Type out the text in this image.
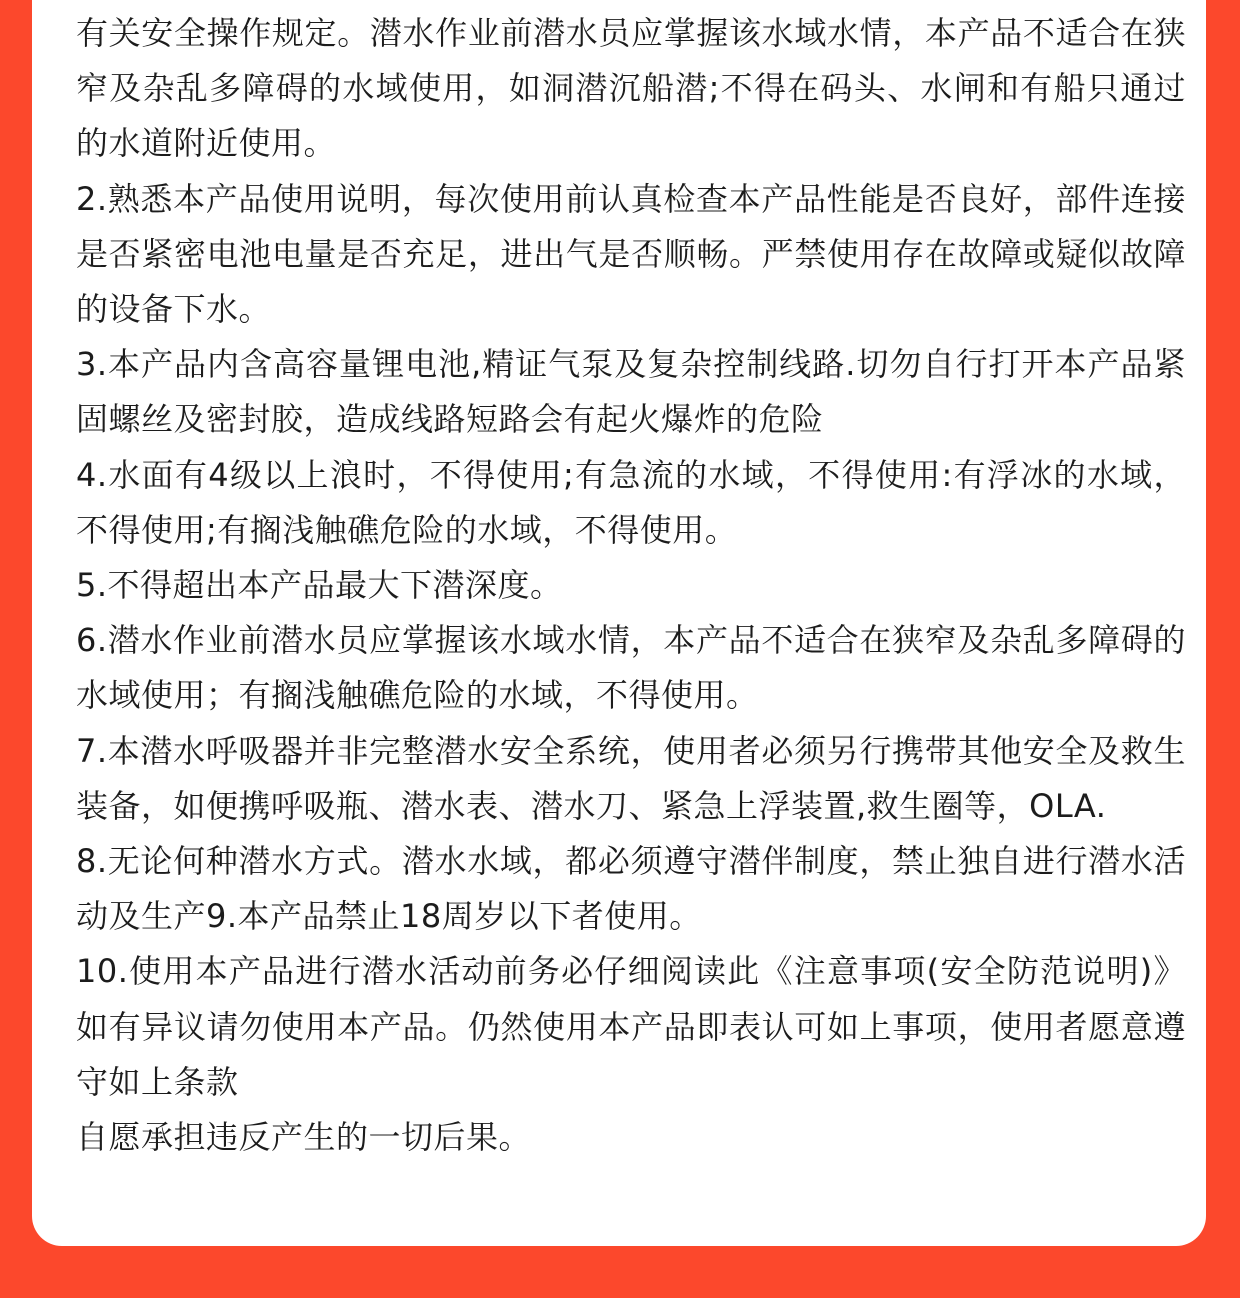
有关安全操作规定。潜水作业前潜水员应掌握该水域水情，本产品不适合在狭窄及杂乱多障碍的水域使用，如洞潜沉船潜;不得在码头、水闸和有船只通过的水道附近使用。

2.熟悉本产品使用说明，每次使用前认真检查本产品性能是否良好，部件连接是否紧密电池电量是否充足，进出气是否顺畅。严禁使用存在故障或疑似故障的设备下水。

3.本产品内含高容量锂电池,精证气泵及复杂控制线路.切勿自行打开本产品紧固螺丝及密封胶，造成线路短路会有起火爆炸的危险

4.水面有4级以上浪时，不得使用;有急流的水域，不得使用:有浮冰的水域，不得使用;有搁浅触礁危险的水域，不得使用。

5.不得超出本产品最大下潜深度。

6.潜水作业前潜水员应掌握该水域水情，本产品不适合在狭窄及杂乱多障碍的水域使用；有搁浅触礁危险的水域，不得使用。

7.本潜水呼吸器并非完整潜水安全系统，使用者必须另行携带其他安全及救生装备，如便携呼吸瓶、潜水表、潜水刀、紧急上浮装置,救生圈等，OLA.

8.无论何种潜水方式。潜水水域，都必须遵守潜伴制度，禁止独自进行潜水活动及生产9.本产品禁止18周岁以下者使用。

10.使用本产品进行潜水活动前务必仔细阅读此《注意事项(安全防范说明)》如有异议请勿使用本产品。仍然使用本产品即表认可如上事项，使用者愿意遵守如上条款

自愿承担违反产生的一切后果。
